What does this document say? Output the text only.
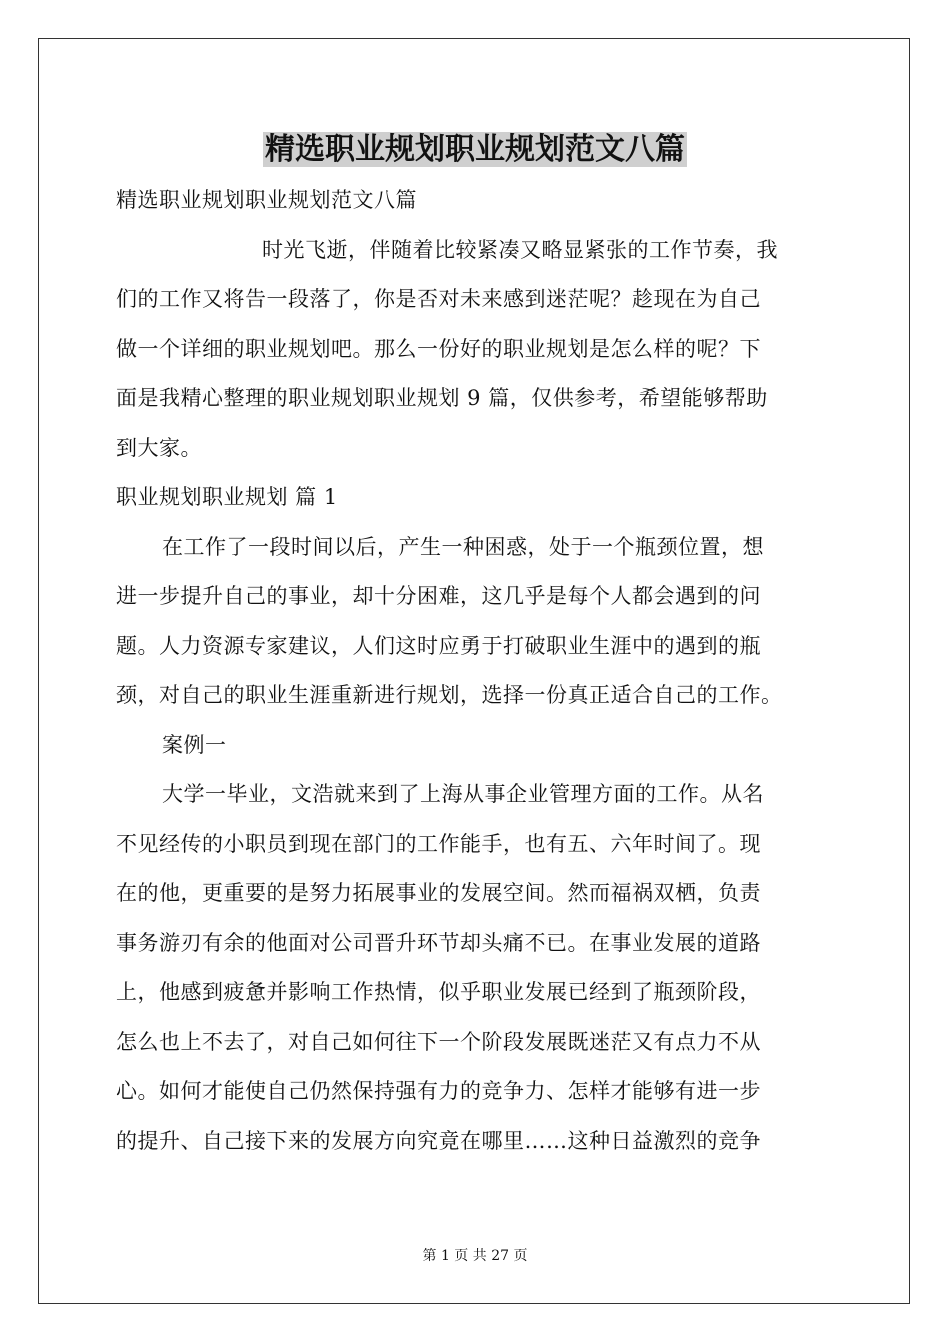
精选职业规划职业规划范文八篇
精选职业规划职业规划范文八篇
时光飞逝，伴随着比较紧凑又略显紧张的工作节奏，我
们的工作又将告一段落了，你是否对未来感到迷茫呢？趁现在为自己
做一个详细的职业规划吧。那么一份好的职业规划是怎么样的呢？下
面是我精心整理的职业规划职业规划 9 篇，仅供参考，希望能够帮助
到大家。
职业规划职业规划 篇 1
在工作了一段时间以后，产生一种困惑，处于一个瓶颈位置，想
进一步提升自己的事业，却十分困难，这几乎是每个人都会遇到的问
题。人力资源专家建议，人们这时应勇于打破职业生涯中的遇到的瓶
颈，对自己的职业生涯重新进行规划，选择一份真正适合自己的工作。
案例一
大学一毕业，文浩就来到了上海从事企业管理方面的工作。从名
不见经传的小职员到现在部门的工作能手，也有五、六年时间了。现
在的他，更重要的是努力拓展事业的发展空间。然而福祸双栖，负责
事务游刃有余的他面对公司晋升环节却头痛不已。在事业发展的道路
上，他感到疲惫并影响工作热情，似乎职业发展已经到了瓶颈阶段，
怎么也上不去了，对自己如何往下一个阶段发展既迷茫又有点力不从
心。如何才能使自己仍然保持强有力的竞争力、怎样才能够有进一步
的提升、自己接下来的发展方向究竟在哪里……这种日益激烈的竞争
第 1 页 共 27 页
